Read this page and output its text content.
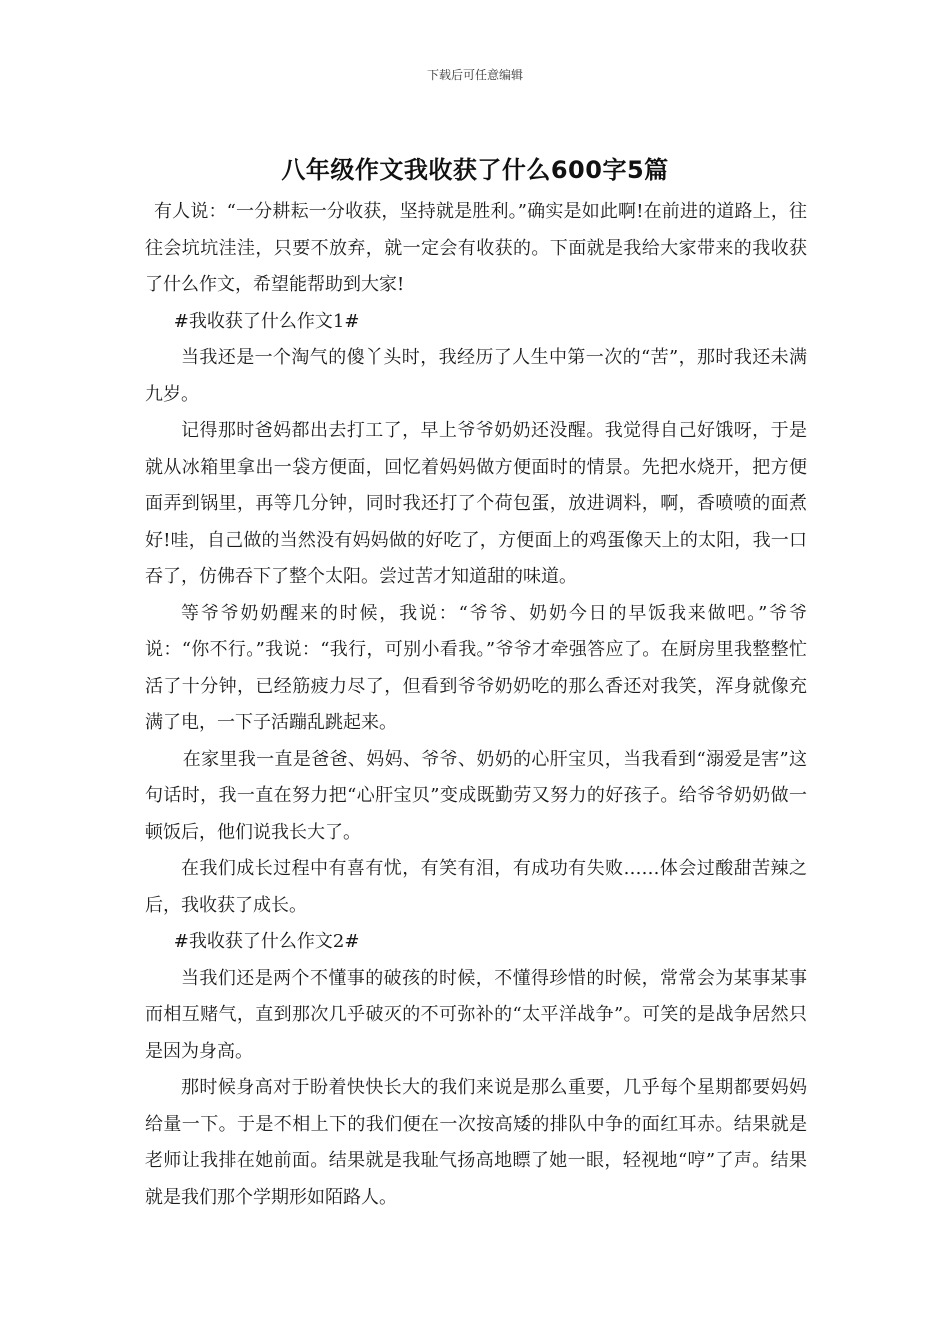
下载后可任意编辑
八年级作文我收获了什么600字5篇

有人说：“一分耕耘一分收获，坚持就是胜利。”确实是如此啊!在前进的道路上，往往会坑坑洼洼，只要不放弃，就一定会有收获的。下面就是我给大家带来的我收获了什么作文，希望能帮助到大家!

#我收获了什么作文1#

当我还是一个淘气的傻丫头时，我经历了人生中第一次的“苦”，那时我还未满九岁。

记得那时爸妈都出去打工了，早上爷爷奶奶还没醒。我觉得自己好饿呀，于是就从冰箱里拿出一袋方便面，回忆着妈妈做方便面时的情景。先把水烧开，把方便面弄到锅里，再等几分钟，同时我还打了个荷包蛋，放进调料，啊，香喷喷的面煮好!哇，自己做的当然没有妈妈做的好吃了，方便面上的鸡蛋像天上的太阳，我一口吞了，仿佛吞下了整个太阳。尝过苦才知道甜的味道。

等爷爷奶奶醒来的时候，我说：“爷爷、奶奶今日的早饭我来做吧。”爷爷说：“你不行。”我说：“我行，可别小看我。”爷爷才牵强答应了。在厨房里我整整忙活了十分钟，已经筋疲力尽了，但看到爷爷奶奶吃的那么香还对我笑，浑身就像充满了电，一下子活蹦乱跳起来。

在家里我一直是爸爸、妈妈、爷爷、奶奶的心肝宝贝，当我看到“溺爱是害”这句话时，我一直在努力把“心肝宝贝”变成既勤劳又努力的好孩子。给爷爷奶奶做一顿饭后，他们说我长大了。

在我们成长过程中有喜有忧，有笑有泪，有成功有失败……体会过酸甜苦辣之后，我收获了成长。

#我收获了什么作文2#

当我们还是两个不懂事的破孩的时候，不懂得珍惜的时候，常常会为某事某事而相互赌气，直到那次几乎破灭的不可弥补的“太平洋战争”。可笑的是战争居然只是因为身高。

那时候身高对于盼着快快长大的我们来说是那么重要，几乎每个星期都要妈妈给量一下。于是不相上下的我们便在一次按高矮的排队中争的面红耳赤。结果就是老师让我排在她前面。结果就是我耻气扬高地瞟了她一眼，轻视地“哼”了声。结果就是我们那个学期形如陌路人。
